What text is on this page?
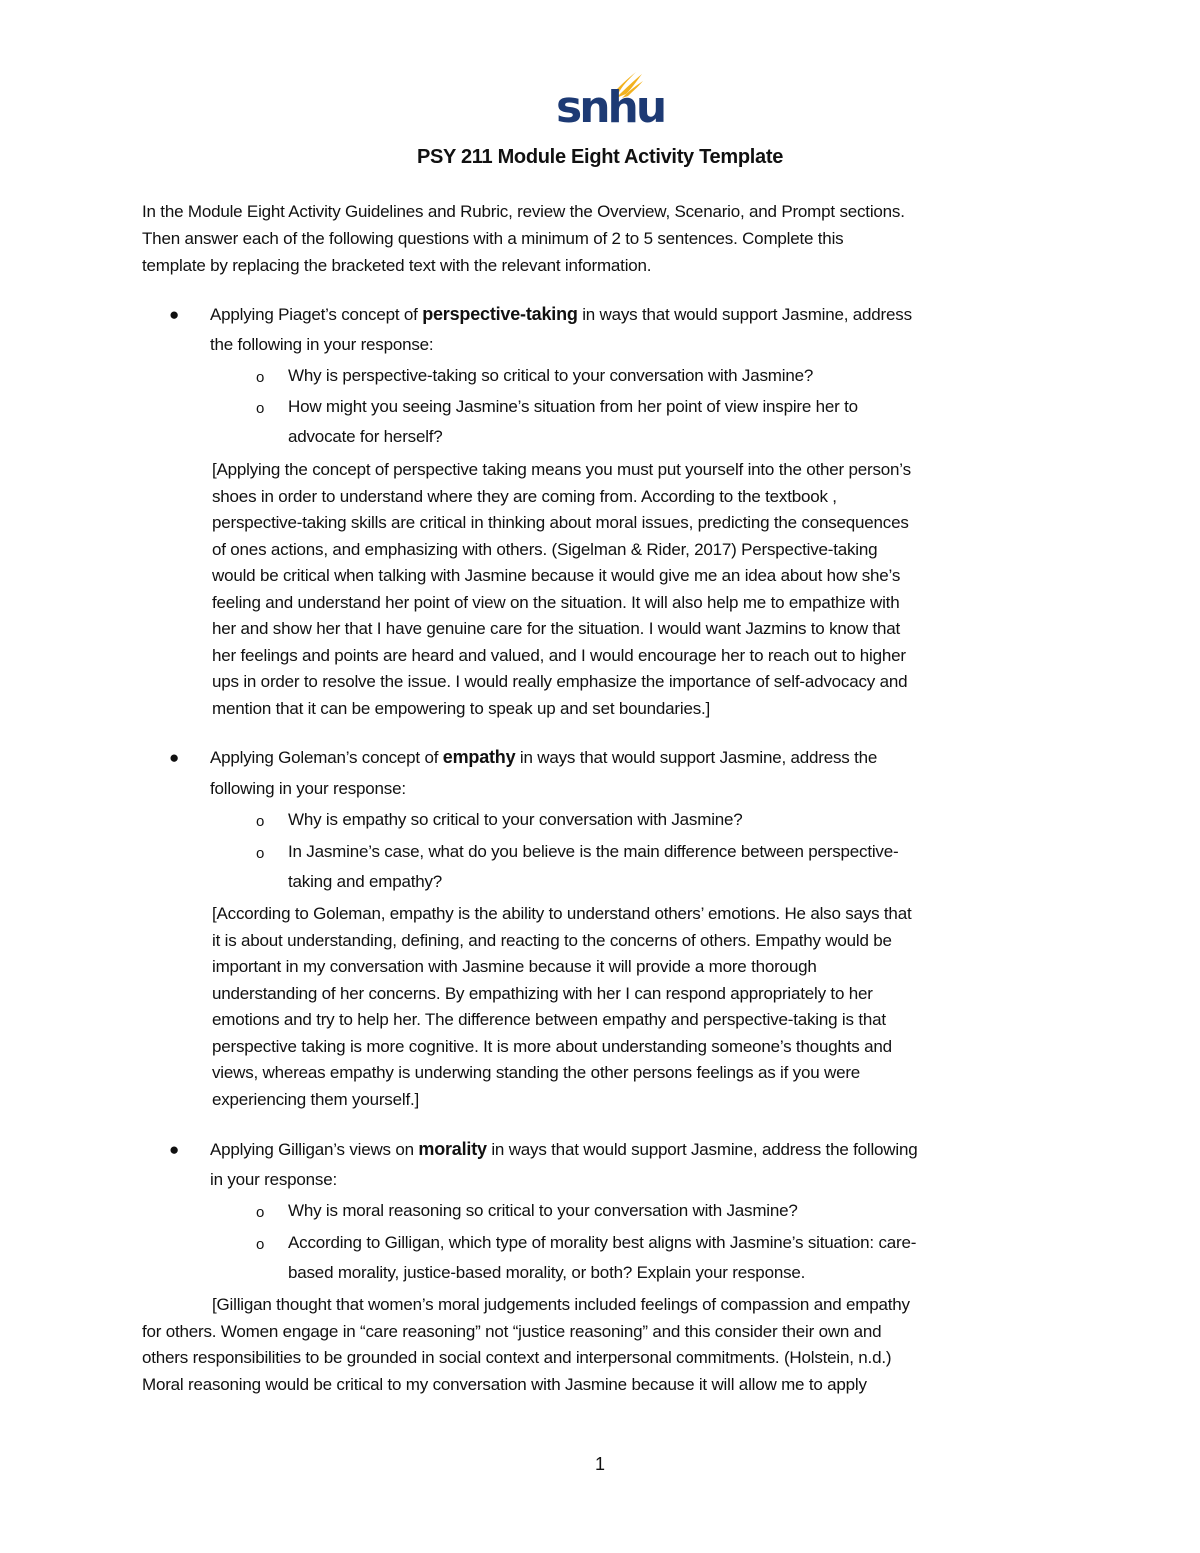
snhu
PSY 211 Module Eight Activity Template
In the Module Eight Activity Guidelines and Rubric, review the Overview, Scenario, and Prompt sections.
Then answer each of the following questions with a minimum of 2 to 5 sentences. Complete this
template by replacing the bracketed text with the relevant information.
● Applying Piaget’s concept of perspective-taking in ways that would support Jasmine, address
the following in your response:
o Why is perspective-taking so critical to your conversation with Jasmine?
o How might you seeing Jasmine’s situation from her point of view inspire her to
advocate for herself?
[Applying the concept of perspective taking means you must put yourself into the other person’s
shoes in order to understand where they are coming from. According to the textbook ,
perspective-taking skills are critical in thinking about moral issues, predicting the consequences
of ones actions, and emphasizing with others. (Sigelman & Rider, 2017) Perspective-taking
would be critical when talking with Jasmine because it would give me an idea about how she’s
feeling and understand her point of view on the situation. It will also help me to empathize with
her and show her that I have genuine care for the situation. I would want Jazmins to know that
her feelings and points are heard and valued, and I would encourage her to reach out to higher
ups in order to resolve the issue. I would really emphasize the importance of self-advocacy and
mention that it can be empowering to speak up and set boundaries.]
● Applying Goleman’s concept of empathy in ways that would support Jasmine, address the
following in your response:
o Why is empathy so critical to your conversation with Jasmine?
o In Jasmine’s case, what do you believe is the main difference between perspective-
taking and empathy?
[According to Goleman, empathy is the ability to understand others’ emotions. He also says that
it is about understanding, defining, and reacting to the concerns of others. Empathy would be
important in my conversation with Jasmine because it will provide a more thorough
understanding of her concerns. By empathizing with her I can respond appropriately to her
emotions and try to help her. The difference between empathy and perspective-taking is that
perspective taking is more cognitive. It is more about understanding someone’s thoughts and
views, whereas empathy is underwing standing the other persons feelings as if you were
experiencing them yourself.]
● Applying Gilligan’s views on morality in ways that would support Jasmine, address the following
in your response:
o Why is moral reasoning so critical to your conversation with Jasmine?
o According to Gilligan, which type of morality best aligns with Jasmine’s situation: care-
based morality, justice-based morality, or both? Explain your response.
[Gilligan thought that women’s moral judgements included feelings of compassion and empathy
for others. Women engage in “care reasoning” not “justice reasoning” and this consider their own and
others responsibilities to be grounded in social context and interpersonal commitments. (Holstein, n.d.)
Moral reasoning would be critical to my conversation with Jasmine because it will allow me to apply
1
